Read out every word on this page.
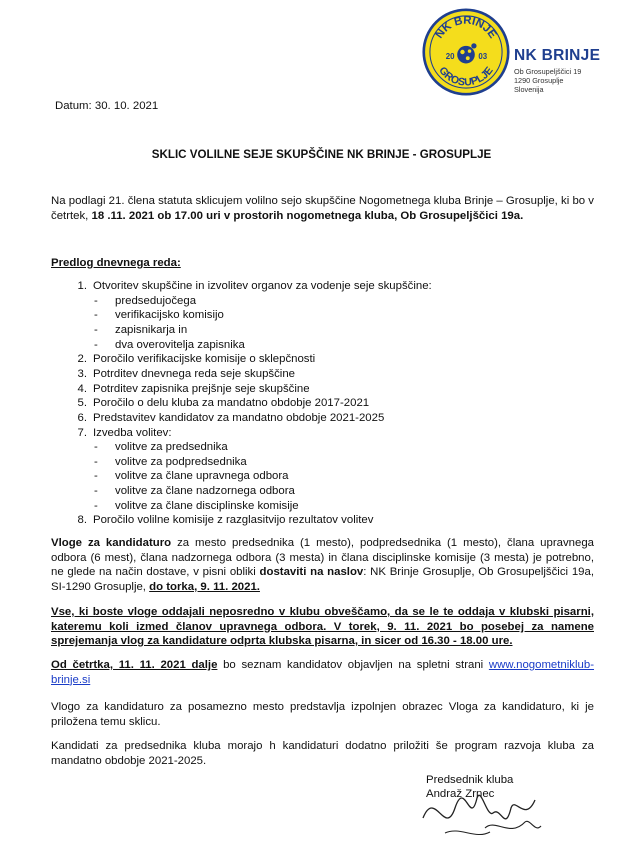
NK BRINJE
GROSUPLJE
20	03 NK BRINJE
Ob Grosupeljščici 19
1290 Grosuplje
Slovenija
Datum: 30. 10. 2021
SKLIC VOLILNE SEJE SKUPŠČINE NK BRINJE - GROSUPLJE
Na podlagi 21. člena statuta sklicujem volilno sejo skupščine Nogometnega kluba Brinje – Grosuplje, ki bo v četrtek, 18 .11. 2021 ob 17.00 uri v prostorih nogometnega kluba, Ob Grosupeljščici 19a.
Predlog dnevnega reda:
1. Otvoritev skupščine in izvolitev organov za vodenje seje skupščine:
- predsedujočega
- verifikacijsko komisijo
- zapisnikarja in
- dva overovitelja zapisnika
2. Poročilo verifikacijske komisije o sklepčnosti
3. Potrditev dnevnega reda seje skupščine
4. Potrditev zapisnika prejšnje seje skupščine
5. Poročilo o delu kluba za mandatno obdobje 2017-2021
6. Predstavitev kandidatov za mandatno obdobje 2021-2025
7. Izvedba volitev:
- volitve za predsednika
- volitve za podpredsednika
- volitve za člane upravnega odbora
- volitve za člane nadzornega odbora
- volitve za člane disciplinske komisije
8. Poročilo volilne komisije z razglasitvijo rezultatov volitev
Vloge za kandidaturo za mesto predsednika (1 mesto), podpredsednika (1 mesto), člana upravnega odbora (6 mest), člana nadzornega odbora (3 mesta) in člana disciplinske komisije (3 mesta) je potrebno, ne glede na način dostave, v pisni obliki dostaviti na naslov: NK Brinje Grosuplje, Ob Grosupeljščici 19a, SI-1290 Grosuplje, do torka, 9. 11. 2021.
Vse, ki boste vloge oddajali neposredno v klubu obveščamo, da se le te oddaja v klubski pisarni, kateremu koli izmed članov upravnega odbora. V torek, 9. 11. 2021 bo posebej za namene sprejemanja vlog za kandidature odprta klubska pisarna, in sicer od 16.30 - 18.00 ure.
Od četrtka, 11. 11. 2021 dalje bo seznam kandidatov objavljen na spletni strani www.nogometniklub-brinje.si
Vlogo za kandidaturo za posamezno mesto predstavlja izpolnjen obrazec Vloga za kandidaturo, ki je priložena temu sklicu.
Kandidati za predsednika kluba morajo h kandidaturi dodatno priložiti še program razvoja kluba za mandatno obdobje 2021-2025.
Predsednik kluba
Andraž Zrnec
